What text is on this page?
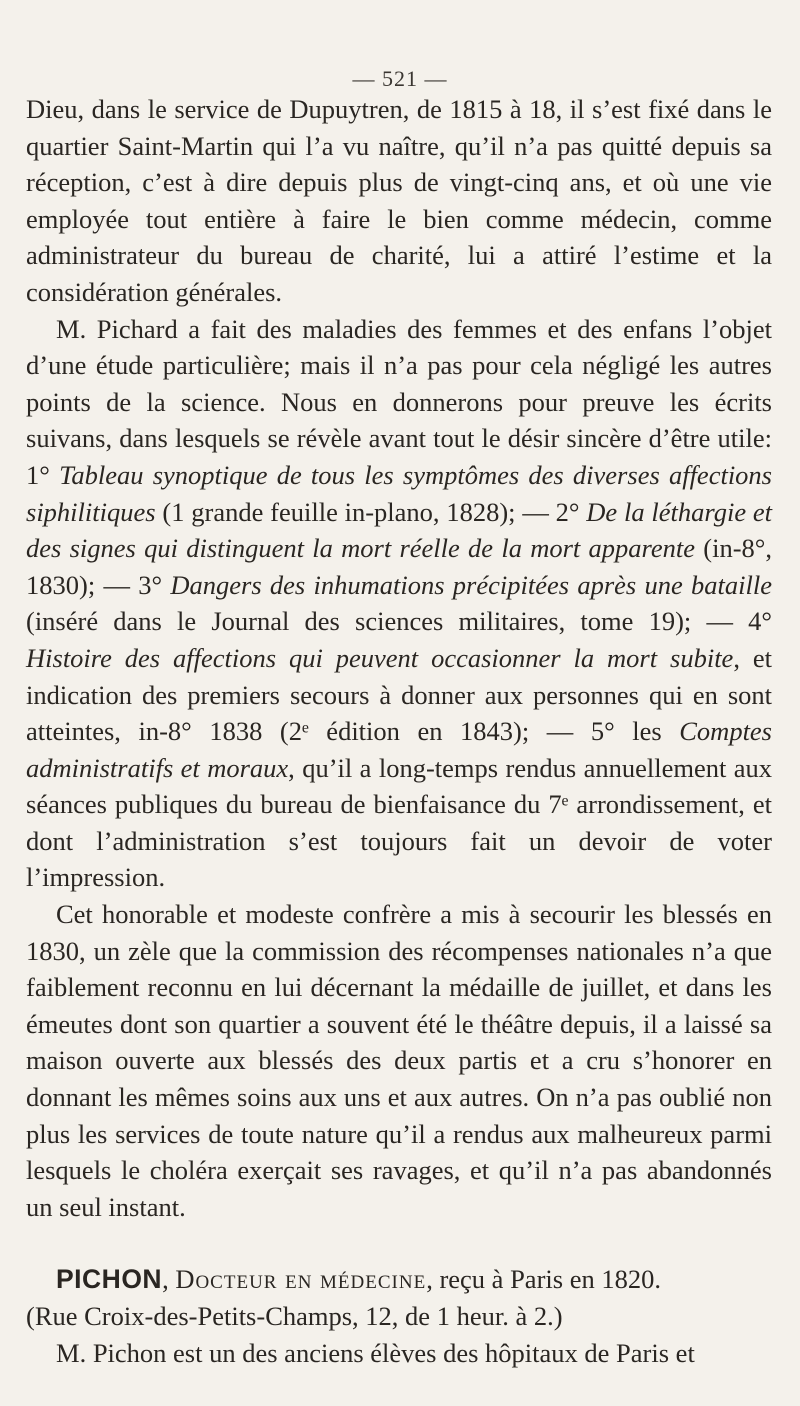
— 521 —

Dieu, dans le service de Dupuytren, de 1815 à 18, il s’est fixé dans le quartier Saint-Martin qui l’a vu naître, qu’il n’a pas quitté depuis sa réception, c’est à dire depuis plus de vingt-cinq ans, et où une vie employée tout entière à faire le bien comme médecin, comme administrateur du bureau de charité, lui a attiré l’estime et la considération générales.

M. Pichard a fait des maladies des femmes et des enfans l’objet d’une étude particulière; mais il n’a pas pour cela négligé les autres points de la science. Nous en donnerons pour preuve les écrits suivans, dans lesquels se révèle avant tout le désir sincère d’être utile: 1° Tableau synoptique de tous les symptômes des diverses affections siphilitiques (1 grande feuille in-plano, 1828); — 2° De la léthargie et des signes qui distinguent la mort réelle de la mort apparente (in-8°, 1830); — 3° Dangers des inhumations précipitées après une bataille (inséré dans le Journal des sciences militaires, tome 19); — 4° Histoire des affections qui peuvent occasionner la mort subite, et indication des premiers secours à donner aux personnes qui en sont atteintes, in-8° 1838 (2ᵉ édition en 1843); — 5° les Comptes administratifs et moraux, qu’il a long-temps rendus annuellement aux séances publiques du bureau de bienfaisance du 7ᵉ arrondissement, et dont l’administration s’est toujours fait un devoir de voter l’impression.

Cet honorable et modeste confrère a mis à secourir les blessés en 1830, un zèle que la commission des récompenses nationales n’a que faiblement reconnu en lui décernant la médaille de juillet, et dans les émeutes dont son quartier a souvent été le théâtre depuis, il a laissé sa maison ouverte aux blessés des deux partis et a cru s’honorer en donnant les mêmes soins aux uns et aux autres. On n’a pas oublié non plus les services de toute nature qu’il a rendus aux malheureux parmi lesquels le choléra exerçait ses ravages, et qu’il n’a pas abandonnés un seul instant.

PICHON, Docteur en médecine, reçu à Paris en 1820.

(Rue Croix-des-Petits-Champs, 12, de 1 heur. à 2.)

M. Pichon est un des anciens élèves des hôpitaux de Paris et
